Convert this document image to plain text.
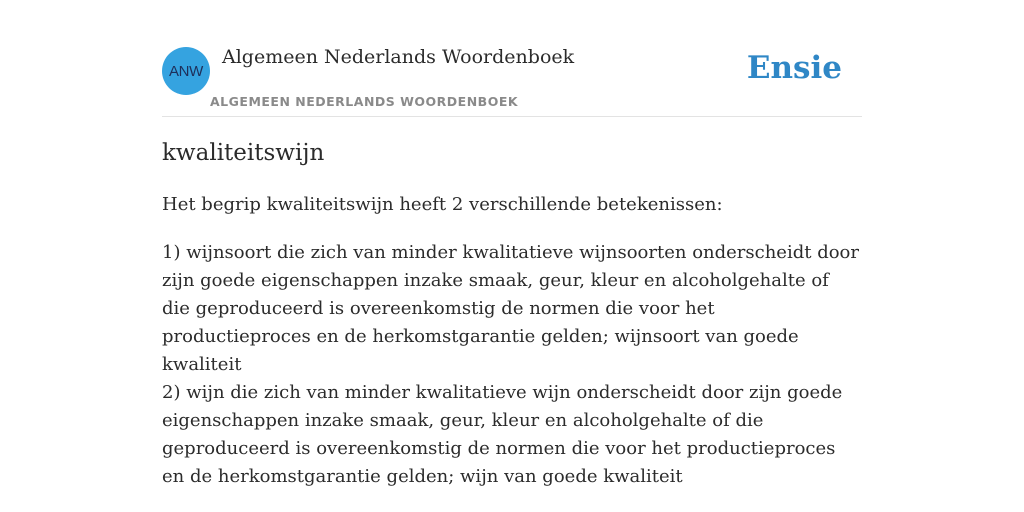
ANW
Algemeen Nederlands Woordenboek
ALGEMEEN NEDERLANDS WOORDENBOEK
Ensie
kwaliteitswijn

Het begrip kwaliteitswijn heeft 2 verschillende betekenissen:

1) wijnsoort die zich van minder kwalitatieve wijnsoorten onderscheidt door zijn goede eigenschappen inzake smaak, geur, kleur en alcoholgehalte of die geproduceerd is overeenkomstig de normen die voor het productieproces en de herkomstgarantie gelden; wijnsoort van goede kwaliteit
2) wijn die zich van minder kwalitatieve wijn onderscheidt door zijn goede eigenschappen inzake smaak, geur, kleur en alcoholgehalte of die geproduceerd is overeenkomstig de normen die voor het productieproces en de herkomstgarantie gelden; wijn van goede kwaliteit
